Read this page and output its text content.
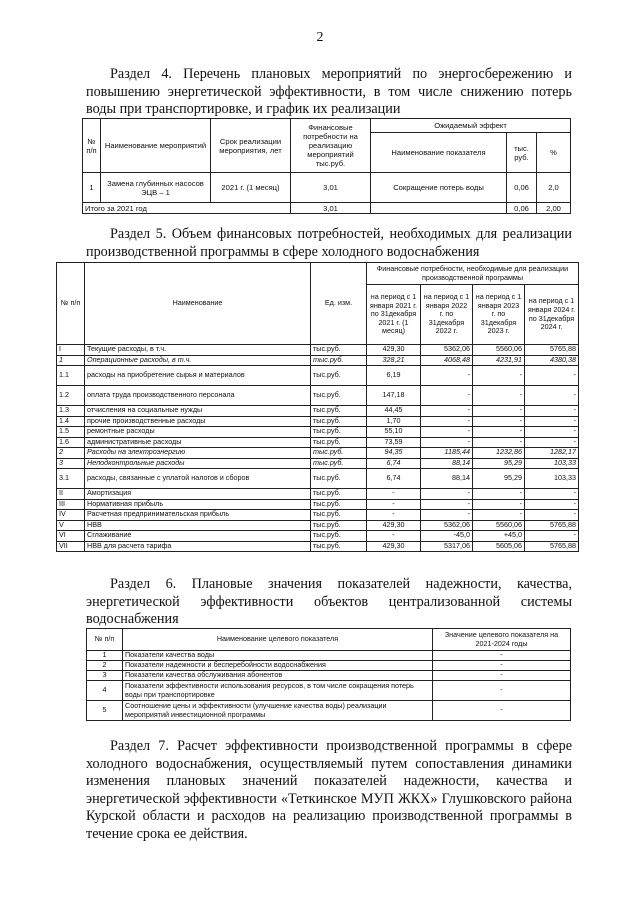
2

Раздел 4. Перечень плановых мероприятий по энергосбережению и повышению энергетической эффективности, в том числе снижению потерь воды при транспортировке, и график их реализации

№ п/п	Наименование мероприятий	Срок реализации мероприятия, лет	Финансовые потребности на реализацию мероприятий тыс.руб.	Ожидаемый эффект		
				Наименование показателя	тыс. руб.	%
1	Замена глубинных насосов ЭЦВ – 1	2021 г. (1 месяц)	3,01	Сокращение потерь воды	0,06	2,0
Итого за 2021 год			3,01		0,06	2,00

Раздел 5. Объем финансовых потребностей, необходимых для реализации производственной программы в сфере холодного водоснабжения

№ п/п	Наименование	Ед. изм.	Финансовые потребности, необходимые для реализации производственной программы			
			на период с 1 января 2021 г. по 31декабря 2021 г. (1 месяц)	на период с 1 января 2022 г. по 31декабря 2022 г.	на период с 1 января 2023 г. по 31декабря 2023 г.	на период с 1 января 2024 г. по 31декабря 2024 г.
I	Текущие расходы, в т.ч.	тыс.руб.	429,30	5362,06	5560,06	5765,88
1	Операционные расходы, в т.ч.	тыс.руб.	328,21	4068,48	4231,91	4380,38
1.1	расходы на приобретение сырья и материалов	тыс.руб.	6,19	-	-	-
1.2	оплата труда производственного персонала	тыс.руб.	147,18	-	-	-
1.3	отчисления на социальные нужды	тыс.руб.	44,45	-	-	-
1.4	прочие производственные расходы	тыс.руб.	1,70	-	-	-
1.5	ремонтные расходы	тыс.руб.	55,10	-	-	-
1.6	административные расходы	тыс.руб.	73,59	-	-	-
2	Расходы на электроэнергию	тыс.руб.	94,35	1185,44	1232,86	1282,17
3	Неподконтрольные расходы	тыс.руб.	6,74	88,14	95,29	103,33
3.1	расходы, связанные с уплатой налогов и сборов	тыс.руб.	6,74	88,14	95,29	103,33
II	Амортизация	тыс.руб.	-	-	-	-
III	Нормативная прибыль	тыс.руб.	-	-	-	-
IV	Расчетная предпринимательская прибыль	тыс.руб.	-	-	-	-
V	НВВ	тыс.руб.	429,30	5362,06	5560,06	5765,88
VI	Сглаживание	тыс.руб.	-	-45,0	+45,0	-
VII	НВВ для расчета тарифа	тыс.руб.	429,30	5317,06	5605,06	5765,88

Раздел 6. Плановые значения показателей надежности, качества, энергетической эффективности объектов централизованной системы водоснабжения

№ п/п	Наименование целевого показателя	Значение целевого показателя на 2021-2024 годы
1	Показатели качества воды	-
2	Показатели надежности и бесперебойности водоснабжения	-
3	Показатели качества обслуживания абонентов	-
4	Показатели эффективности использования ресурсов, в том числе сокращения потерь воды при транспортировке	-
5	Соотношение цены и эффективности (улучшение качества воды) реализации мероприятий инвестиционной программы	-

Раздел 7. Расчет эффективности производственной программы в сфере холодного водоснабжения, осуществляемый путем сопоставления динамики изменения плановых значений показателей надежности, качества и энергетической эффективности «Теткинское МУП ЖКХ» Глушковского района Курской области и расходов на реализацию производственной программы в течение срока ее действия.
